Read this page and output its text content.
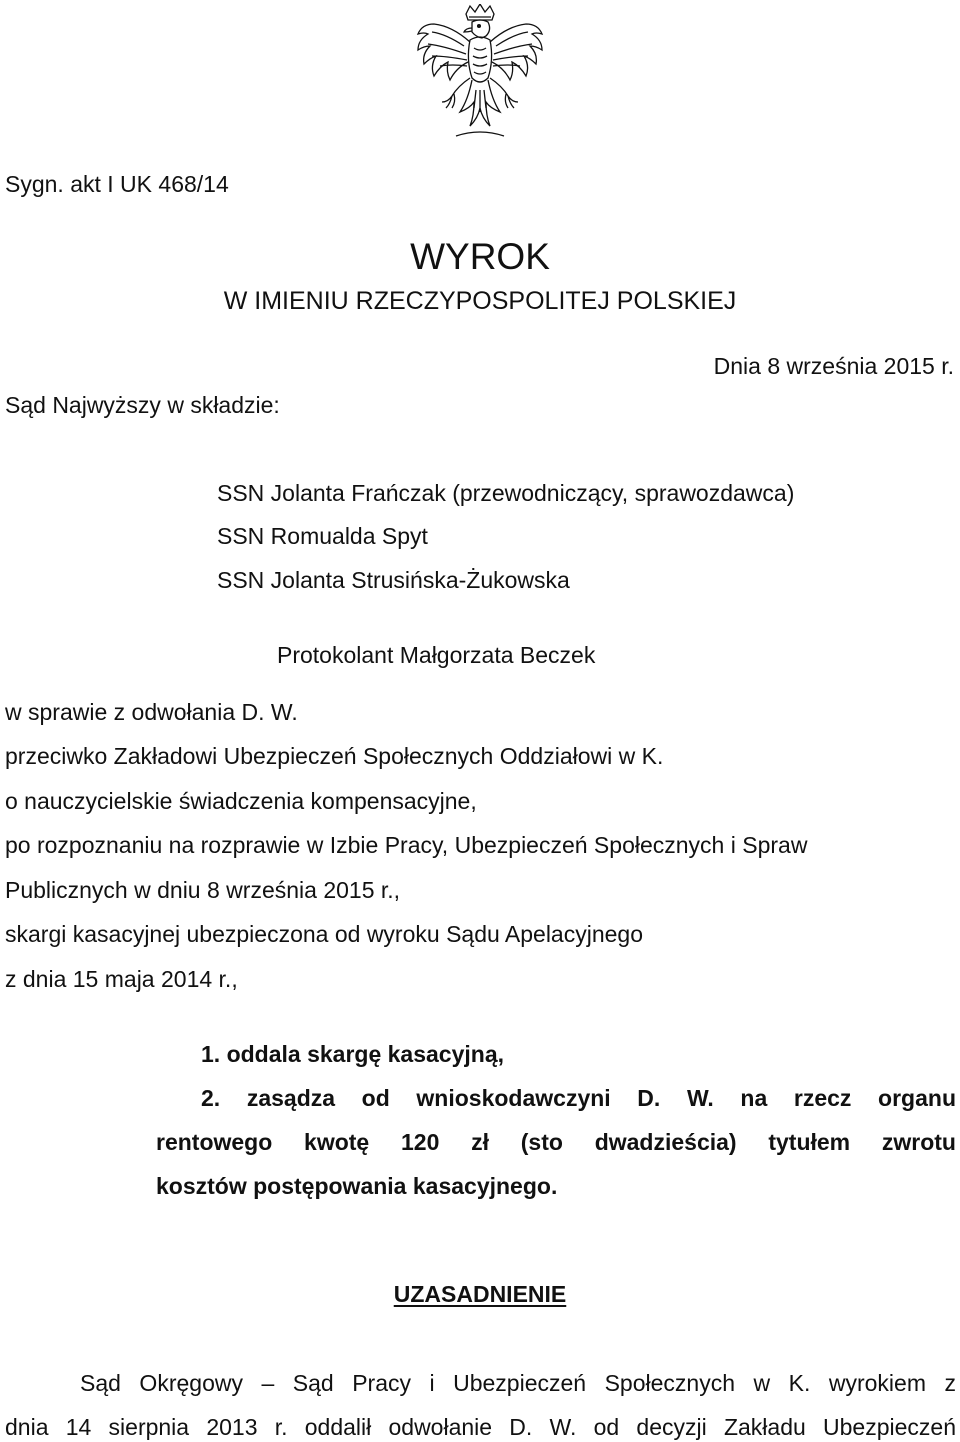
Sygn. akt I UK 468/14
WYROK
W IMIENIU RZECZYPOSPOLITEJ POLSKIEJ
Dnia 8 września 2015 r.
Sąd Najwyższy w składzie:
SSN Jolanta Frańczak (przewodniczący, sprawozdawca)
SSN Romualda Spyt
SSN Jolanta Strusińska-Żukowska
Protokolant Małgorzata Beczek
w sprawie z odwołania D. W.
przeciwko Zakładowi Ubezpieczeń Społecznych Oddziałowi w K.
o nauczycielskie świadczenia kompensacyjne,
po rozpoznaniu na rozprawie w Izbie Pracy, Ubezpieczeń Społecznych i Spraw
Publicznych w dniu 8 września 2015 r.,
skargi kasacyjnej ubezpieczona od wyroku Sądu Apelacyjnego
z dnia 15 maja 2014 r.,
1. oddala skargę kasacyjną,
2. zasądza od wnioskodawczyni D. W. na rzecz organu
rentowego kwotę 120 zł (sto dwadzieścia) tytułem zwrotu
kosztów postępowania kasacyjnego.
UZASADNIENIE
Sąd Okręgowy – Sąd Pracy i Ubezpieczeń Społecznych w K. wyrokiem z
dnia 14 sierpnia 2013 r. oddalił odwołanie D. W. od decyzji Zakładu Ubezpieczeń
